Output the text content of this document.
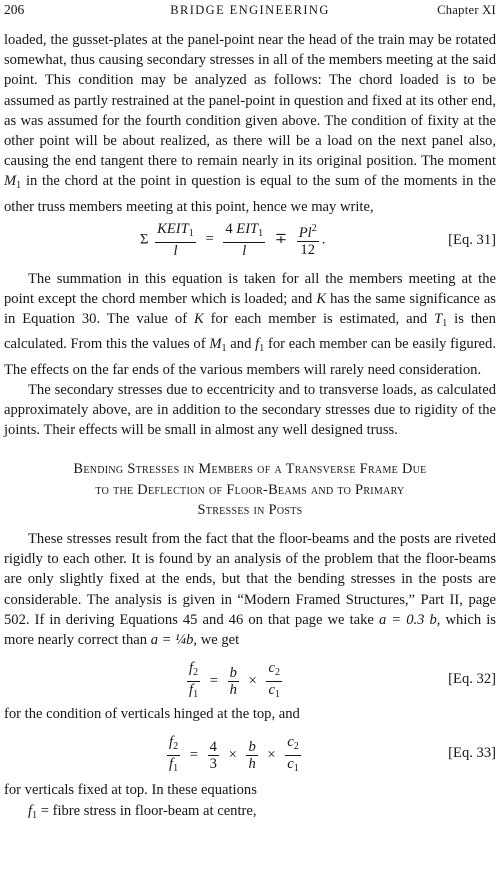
206	BRIDGE ENGINEERING	Chapter XI

loaded, the gusset-plates at the panel-point near the head of the train may be rotated somewhat, thus causing secondary stresses in all of the members meeting at the said point. This condition may be analyzed as follows: The chord loaded is to be assumed as partly restrained at the panel-point in question and fixed at its other end, as was assumed for the fourth condition given above. The condition of fixity at the other point will be about realized, as there will be a load on the next panel also, causing the end tangent there to remain nearly in its original position. The moment $M_1$ in the chord at the point in question is equal to the sum of the moments in the other truss members meeting at this point, hence we may write,

Σ $\frac{KEIT_1}{l} = \frac{4 EIT_1}{l} \mp \frac{Pl^2}{12}$ .	[Eq. 31]

The summation in this equation is taken for all the members meeting at the point except the chord member which is loaded; and K has the same significance as in Equation 30. The value of K for each member is estimated, and $T_1$ is then calculated. From this the values of $M_1$ and $f_1$ for each member can be easily figured. The effects on the far ends of the various members will rarely need consideration.

The secondary stresses due to eccentricity and to transverse loads, as calculated approximately above, are in addition to the secondary stresses due to rigidity of the joints. Their effects will be small in almost any well designed truss.

Bending Stresses in Members of a Transverse Frame Due
to the Deflection of Floor-Beams and to Primary
Stresses in Posts

These stresses result from the fact that the floor-beams and the posts are riveted rigidly to each other. It is found by an analysis of the problem that the floor-beams are only slightly fixed at the ends, but that the bending stresses in the posts are considerable. The analysis is given in “Modern Framed Structures,” Part II, page 502. If in deriving Equations 45 and 46 on that page we take a = 0.3 b, which is more nearly correct than a = ¼b, we get

$\frac{f_2}{f_1} = \frac{b}{h} \times \frac{c_2}{c_1}$	[Eq. 32]

for the condition of verticals hinged at the top, and

$\frac{f_2}{f_1} = \frac{4}{3} \times \frac{b}{h} \times \frac{c_2}{c_1}$	[Eq. 33]

for verticals fixed at top. In these equations

$f_1$ = fibre stress in floor-beam at centre,
